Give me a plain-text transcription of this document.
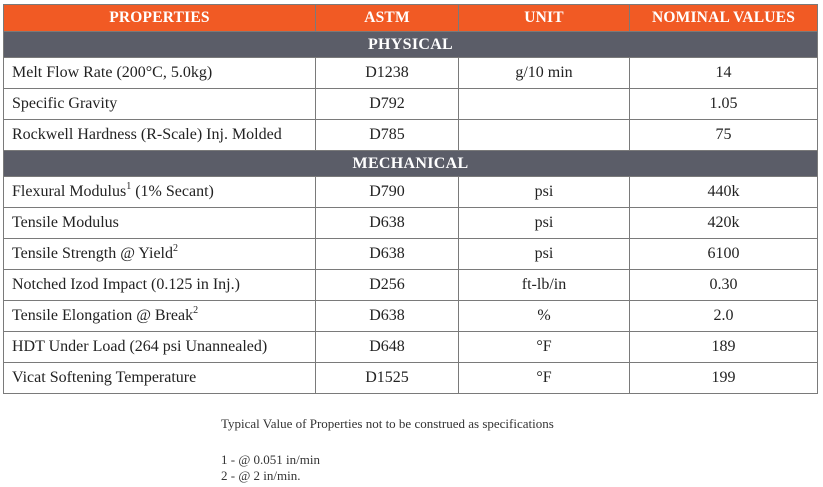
PROPERTIES	ASTM	UNIT	NOMINAL VALUES
PHYSICAL			
Melt Flow Rate (200°C, 5.0kg)	D1238	g/10 min	14
Specific Gravity	D792		1.05
Rockwell Hardness (R-Scale) Inj. Molded	D785		75
MECHANICAL			
Flexural Modulus$^1$ (1% Secant)	D790	psi	440k
Tensile Modulus	D638	psi	420k
Tensile Strength @ Yield$^2$	D638	psi	6100
Notched Izod Impact (0.125 in Inj.)	D256	ft-lb/in	0.30
Tensile Elongation @ Break$^2$	D638	%	2.0
HDT Under Load (264 psi Unannealed)	D648	°F	189
Vicat Softening Temperature	D1525	°F	199
Typical Value of Properties not to be construed as specifications
1 - @ 0.051 in/min
2 - @ 2 in/min.
